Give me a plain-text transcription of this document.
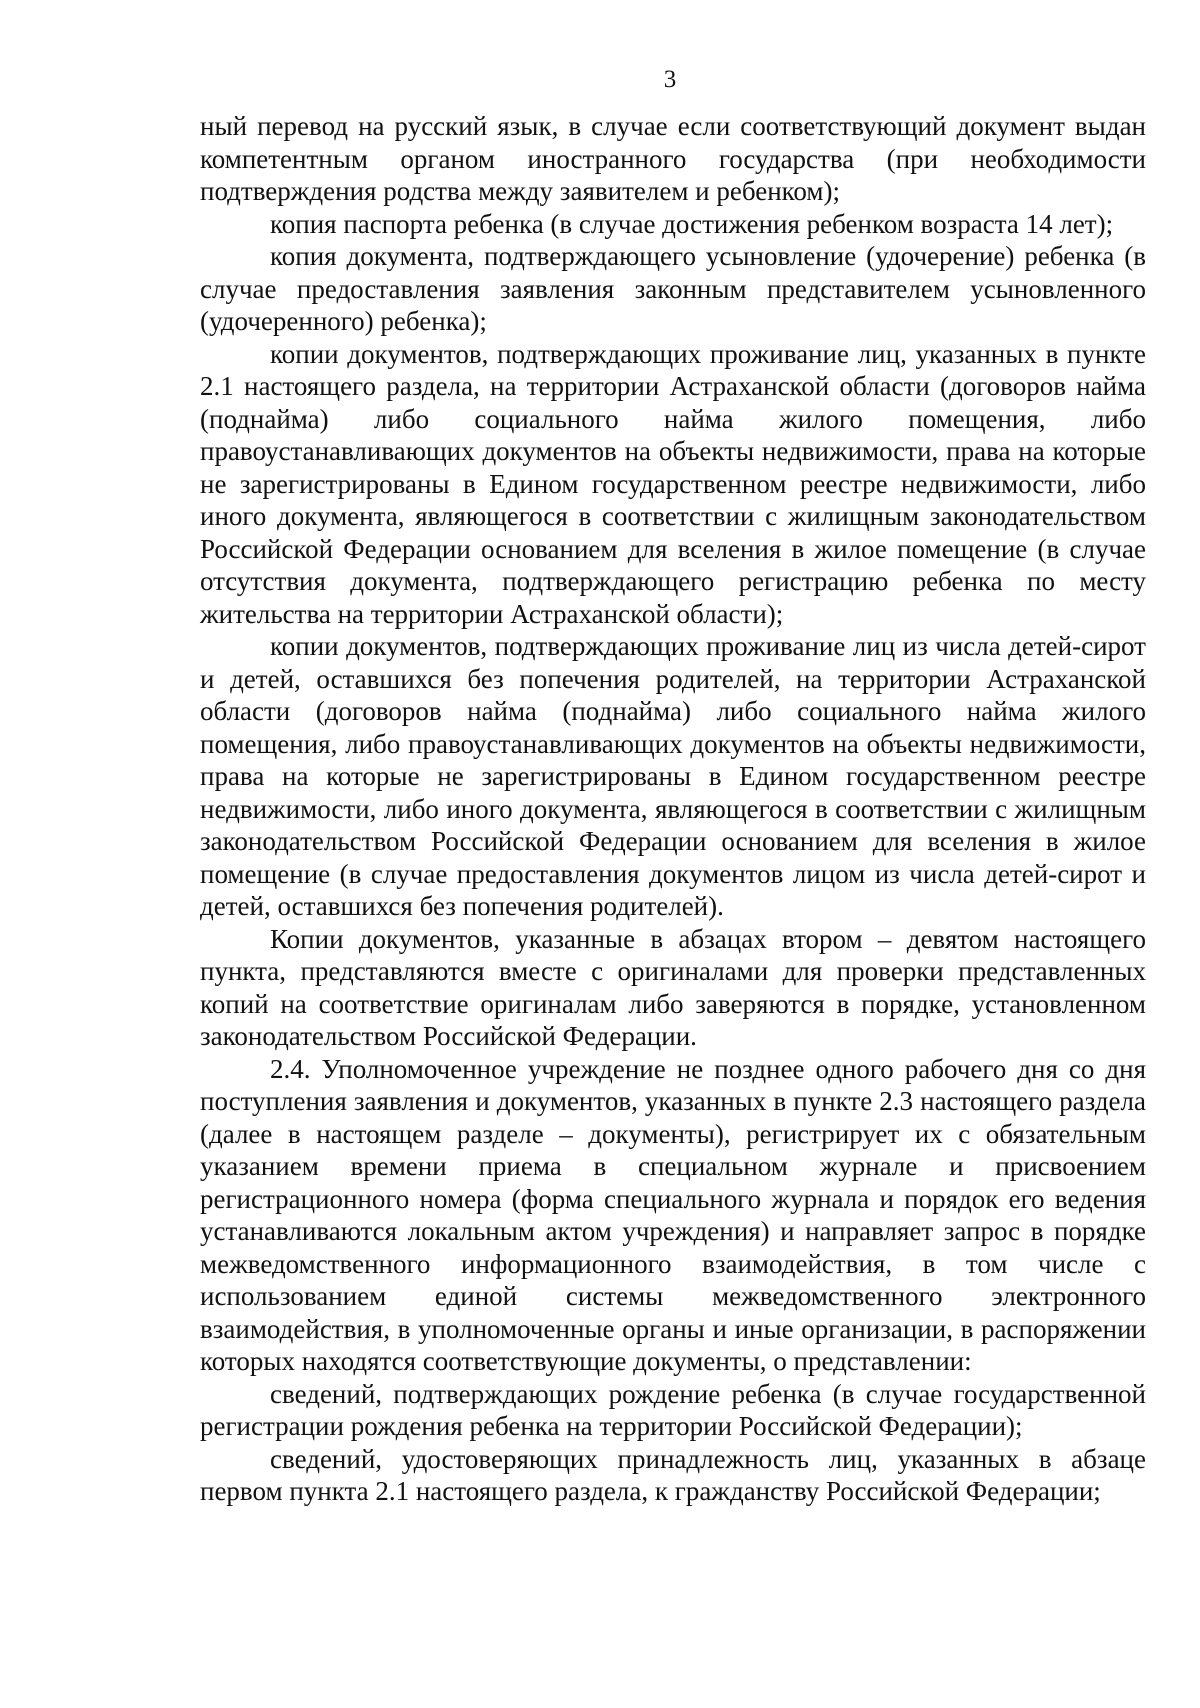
3

ный перевод на русский язык, в случае если соответствующий документ выдан компетентным органом иностранного государства (при необходимости подтверждения родства между заявителем и ребенком);

копия паспорта ребенка (в случае достижения ребенком возраста 14 лет);

копия документа, подтверждающего усыновление (удочерение) ребенка (в случае предоставления заявления законным представителем усыновленного (удочеренного) ребенка);

копии документов, подтверждающих проживание лиц, указанных в пункте 2.1 настоящего раздела, на территории Астраханской области (договоров найма (поднайма) либо социального найма жилого помещения, либо правоустанавливающих документов на объекты недвижимости, права на которые не зарегистрированы в Едином государственном реестре недвижимости, либо иного документа, являющегося в соответствии с жилищным законодательством Российской Федерации основанием для вселения в жилое помещение (в случае отсутствия документа, подтверждающего регистрацию ребенка по месту жительства на территории Астраханской области);

копии документов, подтверждающих проживание лиц из числа детей-сирот и детей, оставшихся без попечения родителей, на территории Астраханской области (договоров найма (поднайма) либо социального найма жилого помещения, либо правоустанавливающих документов на объекты недвижимости, права на которые не зарегистрированы в Едином государственном реестре недвижимости, либо иного документа, являющегося в соответствии с жилищным законодательством Российской Федерации основанием для вселения в жилое помещение (в случае предоставления документов лицом из числа детей-сирот и детей, оставшихся без попечения родителей).

Копии документов, указанные в абзацах втором – девятом настоящего пункта, представляются вместе с оригиналами для проверки представленных копий на соответствие оригиналам либо заверяются в порядке, установленном законодательством Российской Федерации.

2.4. Уполномоченное учреждение не позднее одного рабочего дня со дня поступления заявления и документов, указанных в пункте 2.3 настоящего раздела (далее в настоящем разделе – документы), регистрирует их с обязательным указанием времени приема в специальном журнале и присвоением регистрационного номера (форма специального журнала и порядок его ведения устанавливаются локальным актом учреждения) и направляет запрос в порядке межведомственного информационного взаимодействия, в том числе с использованием единой системы межведомственного электронного взаимодействия, в уполномоченные органы и иные организации, в распоряжении которых находятся соответствующие документы, о представлении:

сведений, подтверждающих рождение ребенка (в случае государственной регистрации рождения ребенка на территории Российской Федерации);

сведений, удостоверяющих принадлежность лиц, указанных в абзаце первом пункта 2.1 настоящего раздела, к гражданству Российской Федерации;
